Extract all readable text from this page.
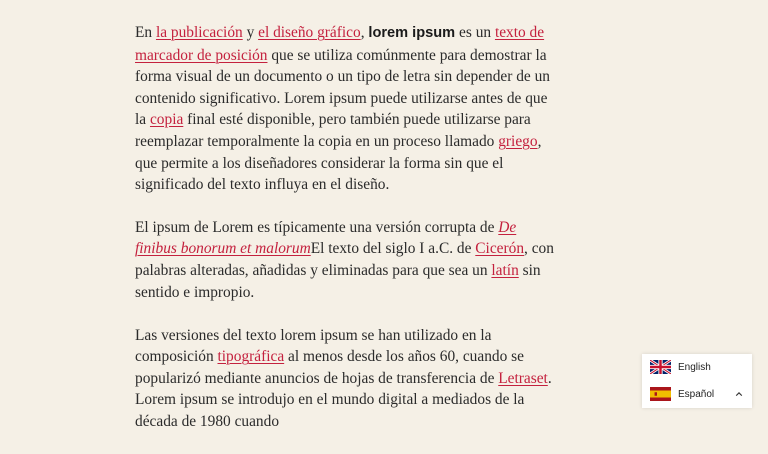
En la publicación y el diseño gráfico, lorem ipsum es un texto de marcador de posición que se utiliza comúnmente para demostrar la forma visual de un documento o un tipo de letra sin depender de un contenido significativo. Lorem ipsum puede utilizarse antes de que la copia final esté disponible, pero también puede utilizarse para reemplazar temporalmente la copia en un proceso llamado griego, que permite a los diseñadores considerar la forma sin que el significado del texto influya en el diseño.

El ipsum de Lorem es típicamente una versión corrupta de De finibus bonorum et malorumEl texto del siglo I a.C. de Cicerón, con palabras alteradas, añadidas y eliminadas para que sea un latín sin sentido e impropio.

Las versiones del texto lorem ipsum se han utilizado en la composición tipográfica al menos desde los años 60, cuando se popularizó mediante anuncios de hojas de transferencia de Letraset. Lorem ipsum se introdujo en el mundo digital a mediados de la década de 1980 cuando

English
Español
